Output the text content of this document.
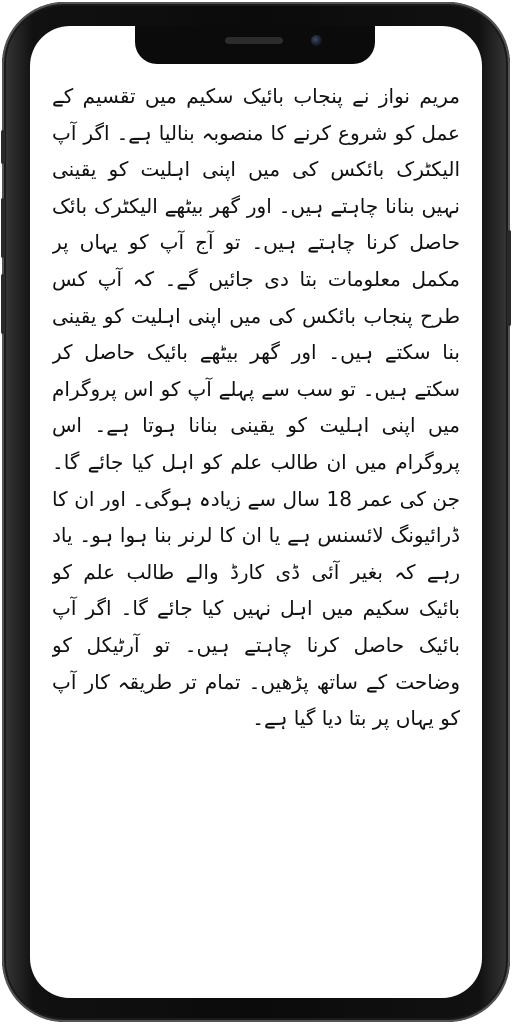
مریم نواز نے پنجاب بائیک سکیم میں تقسیم کے عمل کو شروع کرنے کا منصوبہ بنالیا ہے۔ اگر آپ الیکٹرک بائکس کی میں اپنی اہلیت کو یقینی نہیں بنانا چاہتے ہیں۔ اور گھر بیٹھے الیکٹرک بائک حاصل کرنا چاہتے ہیں۔ تو آج آپ کو یہاں پر مکمل معلومات بتا دی جائیں گے۔ کہ آپ کس طرح پنجاب بائکس کی میں اپنی اہلیت کو یقینی بنا سکتے ہیں۔ اور گھر بیٹھے بائیک حاصل کر سکتے ہیں۔ تو سب سے پہلے آپ کو اس پروگرام میں اپنی اہلیت کو یقینی بنانا ہوتا ہے۔ اس پروگرام میں ان طالب علم کو اہل کیا جائے گا۔ جن کی عمر 18 سال سے زیادہ ہوگی۔ اور ان کا ڈرائیونگ لائسنس ہے یا ان کا لرنر بنا ہوا ہو۔ یاد رہے کہ بغیر آئی ڈی کارڈ والے طالب علم کو بائیک سکیم میں اہل نہیں کیا جائے گا۔ اگر آپ بائیک حاصل کرنا چاہتے ہیں۔ تو آرٹیکل کو وضاحت کے ساتھ پڑھیں۔ تمام تر طریقہ کار آپ کو یہاں پر بتا دیا گیا ہے۔
